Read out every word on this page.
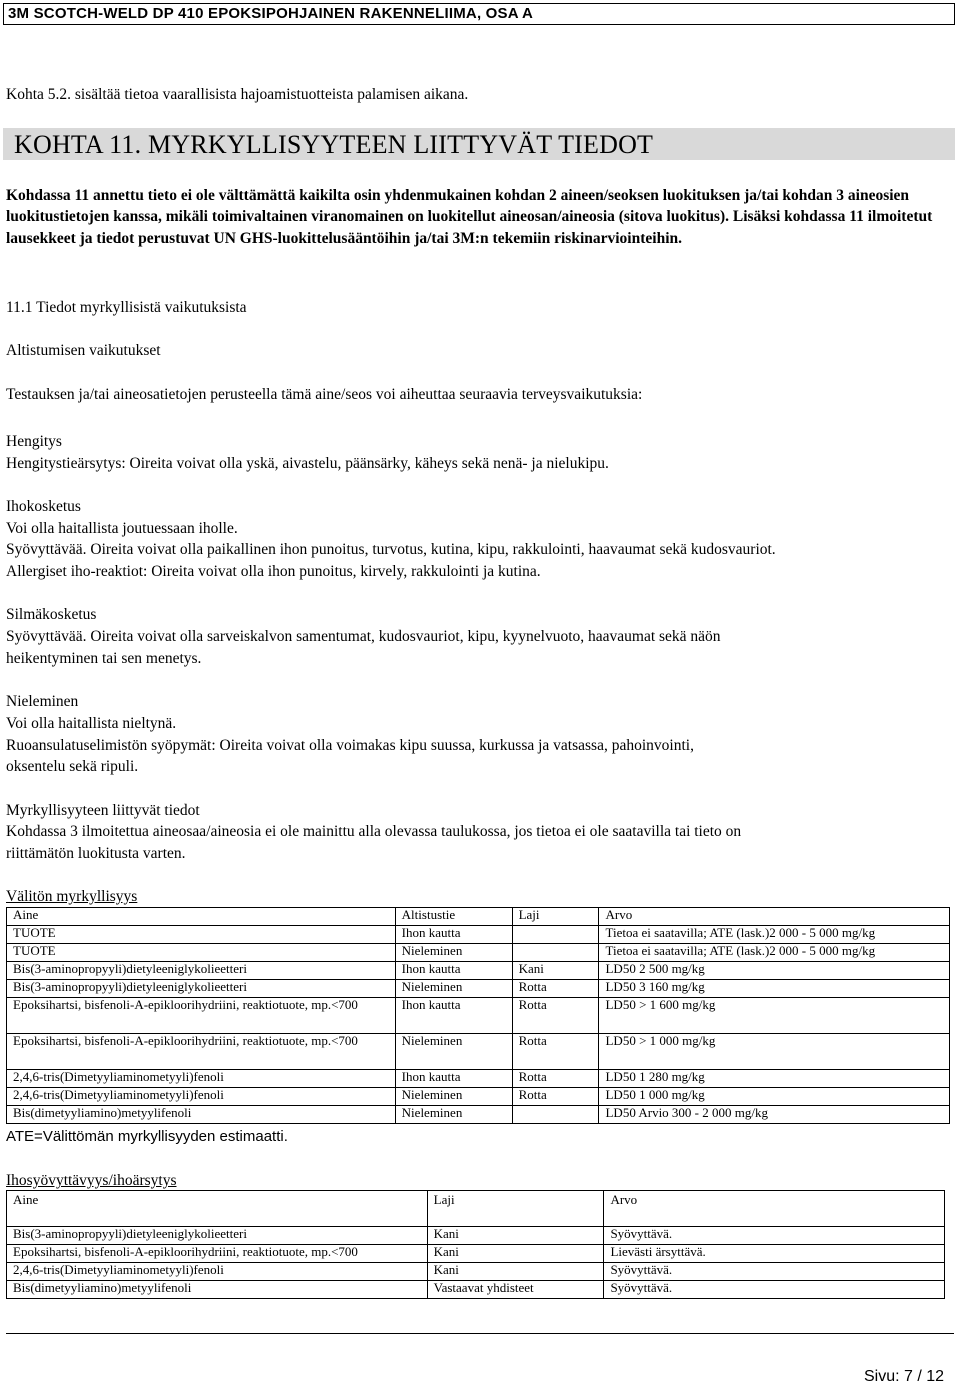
3M SCOTCH-WELD DP 410 EPOKSIPOHJAINEN RAKENNELIIMA, OSA A
Kohta 5.2. sisältää tietoa vaarallisista hajoamistuotteista palamisen aikana.
KOHTA 11. MYRKYLLISYYTEEN LIITTYVÄT TIEDOT
Kohdassa 11 annettu tieto ei ole välttämättä kaikilta osin yhdenmukainen kohdan 2 aineen/seoksen luokituksen ja/tai kohdan 3 aineosien luokitustietojen kanssa, mikäli toimivaltainen viranomainen on luokitellut aineosan/aineosia (sitova luokitus). Lisäksi kohdassa 11 ilmoitetut lausekkeet ja tiedot perustuvat UN GHS-luokittelusääntöihin ja/tai 3M:n tekemiin riskinarviointeihin.
11.1 Tiedot myrkyllisistä vaikutuksista
Altistumisen vaikutukset
Testauksen ja/tai aineosatietojen perusteella tämä aine/seos voi aiheuttaa seuraavia terveysvaikutuksia:
Hengitys
Hengitystieärsytys: Oireita voivat olla yskä, aivastelu, päänsärky, käheys sekä nenä- ja nielukipu.
Ihokosketus
Voi olla haitallista joutuessaan iholle.
Syövyttävää. Oireita voivat olla paikallinen ihon punoitus, turvotus, kutina, kipu, rakkulointi, haavaumat sekä kudosvauriot.
Allergiset iho-reaktiot: Oireita voivat olla ihon punoitus, kirvely, rakkulointi ja kutina.
Silmäkosketus
Syövyttävää. Oireita voivat olla sarveiskalvon samentumat, kudosvauriot, kipu, kyynelvuoto, haavaumat sekä näön
heikentyminen tai sen menetys.
Nieleminen
Voi olla haitallista nieltynä.
Ruoansulatuselimistön syöpymät: Oireita voivat olla voimakas kipu suussa, kurkussa ja vatsassa, pahoinvointi,
oksentelu sekä ripuli.
Myrkyllisyyteen liittyvät tiedot
Kohdassa 3 ilmoitettua aineosaa/aineosia ei ole mainittu alla olevassa taulukossa, jos tietoa ei ole saatavilla tai tieto on
riittämätön luokitusta varten.
Välitön myrkyllisyys
Aine	Altistustie	Laji	Arvo
TUOTE	Ihon kautta		Tietoa ei saatavilla; ATE (lask.)2 000 - 5 000 mg/kg
TUOTE	Nieleminen		Tietoa ei saatavilla; ATE (lask.)2 000 - 5 000 mg/kg
Bis(3-aminopropyyli)dietyleeniglykolieetteri	Ihon kautta	Kani	LD50 2 500 mg/kg
Bis(3-aminopropyyli)dietyleeniglykolieetteri	Nieleminen	Rotta	LD50 3 160 mg/kg
Epoksihartsi, bisfenoli-A-epikloorihydriini, reaktiotuote, mp.<700	Ihon kautta	Rotta	LD50 > 1 600 mg/kg
Epoksihartsi, bisfenoli-A-epikloorihydriini, reaktiotuote, mp.<700	Nieleminen	Rotta	LD50 > 1 000 mg/kg
2,4,6-tris(Dimetyyliaminometyyli)fenoli	Ihon kautta	Rotta	LD50 1 280 mg/kg
2,4,6-tris(Dimetyyliaminometyyli)fenoli	Nieleminen	Rotta	LD50 1 000 mg/kg
Bis(dimetyyliamino)metyylifenoli	Nieleminen		LD50 Arvio 300 - 2 000 mg/kg
ATE=Välittömän myrkyllisyyden estimaatti.
Ihosyövyttävyys/ihoärsytys
Aine	Laji	Arvo
Bis(3-aminopropyyli)dietyleeniglykolieetteri	Kani	Syövyttävä.
Epoksihartsi, bisfenoli-A-epikloorihydriini, reaktiotuote, mp.<700	Kani	Lievästi ärsyttävä.
2,4,6-tris(Dimetyyliaminometyyli)fenoli	Kani	Syövyttävä.
Bis(dimetyyliamino)metyylifenoli	Vastaavat yhdisteet	Syövyttävä.
Sivu: 7 / 12
